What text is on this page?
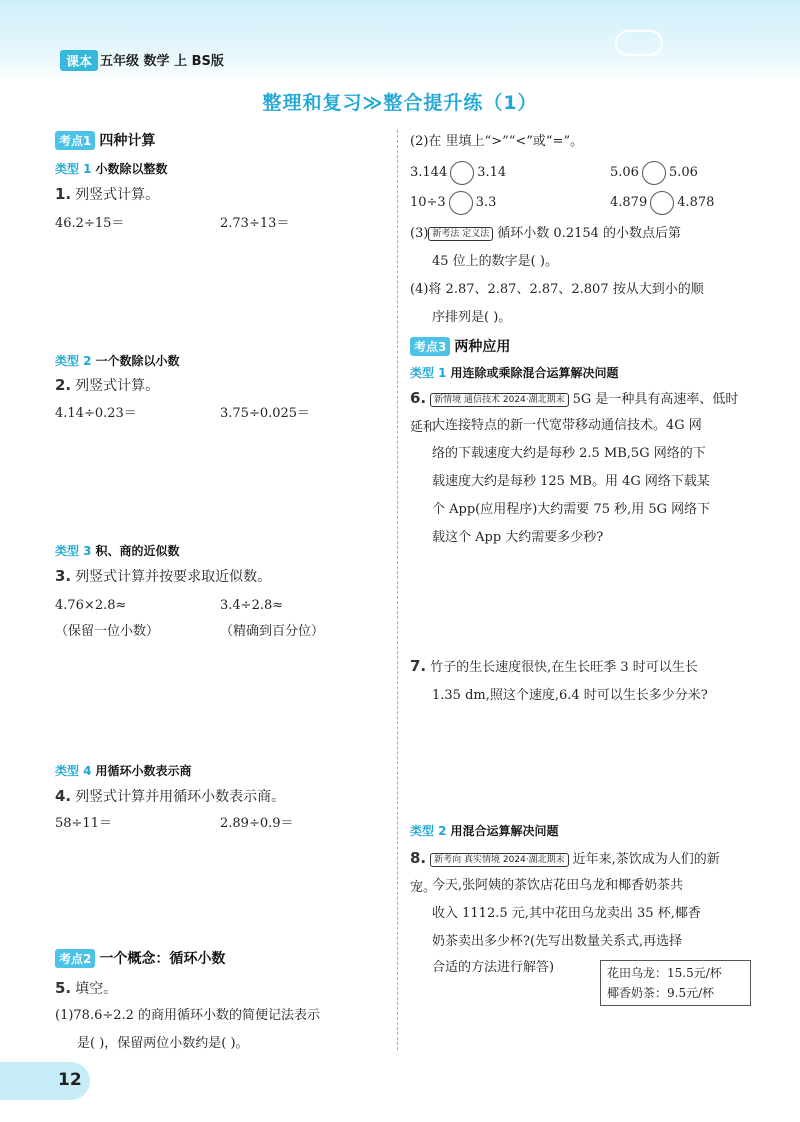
课本 五年级 数学 上 BS版
整理和复习≫整合提升练（1）
考点1 四种计算
类型 1 小数除以整数
1. 列竖式计算。
46.2÷15＝	2.73÷13＝
类型 2 一个数除以小数
2. 列竖式计算。
4.14÷0.23＝	3.75÷0.025＝
类型 3 积、商的近似数
3. 列竖式计算并按要求取近似数。
4.76×2.8≈	3.4÷2.8≈
（保留一位小数）	（精确到百分位）
类型 4 用循环小数表示商
4. 列竖式计算并用循环小数表示商。
58÷11＝	2.89÷0.9＝
考点2 一个概念：循环小数
5. 填空。
(1)78.6÷2.2 的商用循环小数的简便记法表示
是( )，保留两位小数约是( )。
(2)在 里填上“>”“<”或“=”。
3.144 3.14	5.06 5.06
10÷3 3.3	4.879 4.878
(3) 新考法 定义法 循环小数 0.2154 的小数点后第
45 位上的数字是( )。
(4)将 2.87、2.87、2.87、2.807 按从大到小的顺
序排列是( )。
考点3 两种应用
类型 1 用连除或乘除混合运算解决问题
6. 新情境 通信技术 2024·湖北期末 5G 是一种具有高速率、低时延和
大连接特点的新一代宽带移动通信技术。4G 网
络的下载速度大约是每秒 2.5 MB,5G 网络的下
载速度大约是每秒 125 MB。用 4G 网络下载某
个 App(应用程序)大约需要 75 秒,用 5G 网络下
载这个 App 大约需要多少秒?
7. 竹子的生长速度很快,在生长旺季 3 时可以生长
1.35 dm,照这个速度,6.4 时可以生长多少分米?
类型 2 用混合运算解决问题
8. 新考向 真实情境 2024·湖北期末 近年来,茶饮成为人们的新宠。
今天,张阿姨的茶饮店花田乌龙和椰香奶茶共
收入 1112.5 元,其中花田乌龙卖出 35 杯,椰香
奶茶卖出多少杯?(先写出数量关系式,再选择
合适的方法进行解答)	花田乌龙：15.5元/杯
椰香奶茶：9.5元/杯
12
